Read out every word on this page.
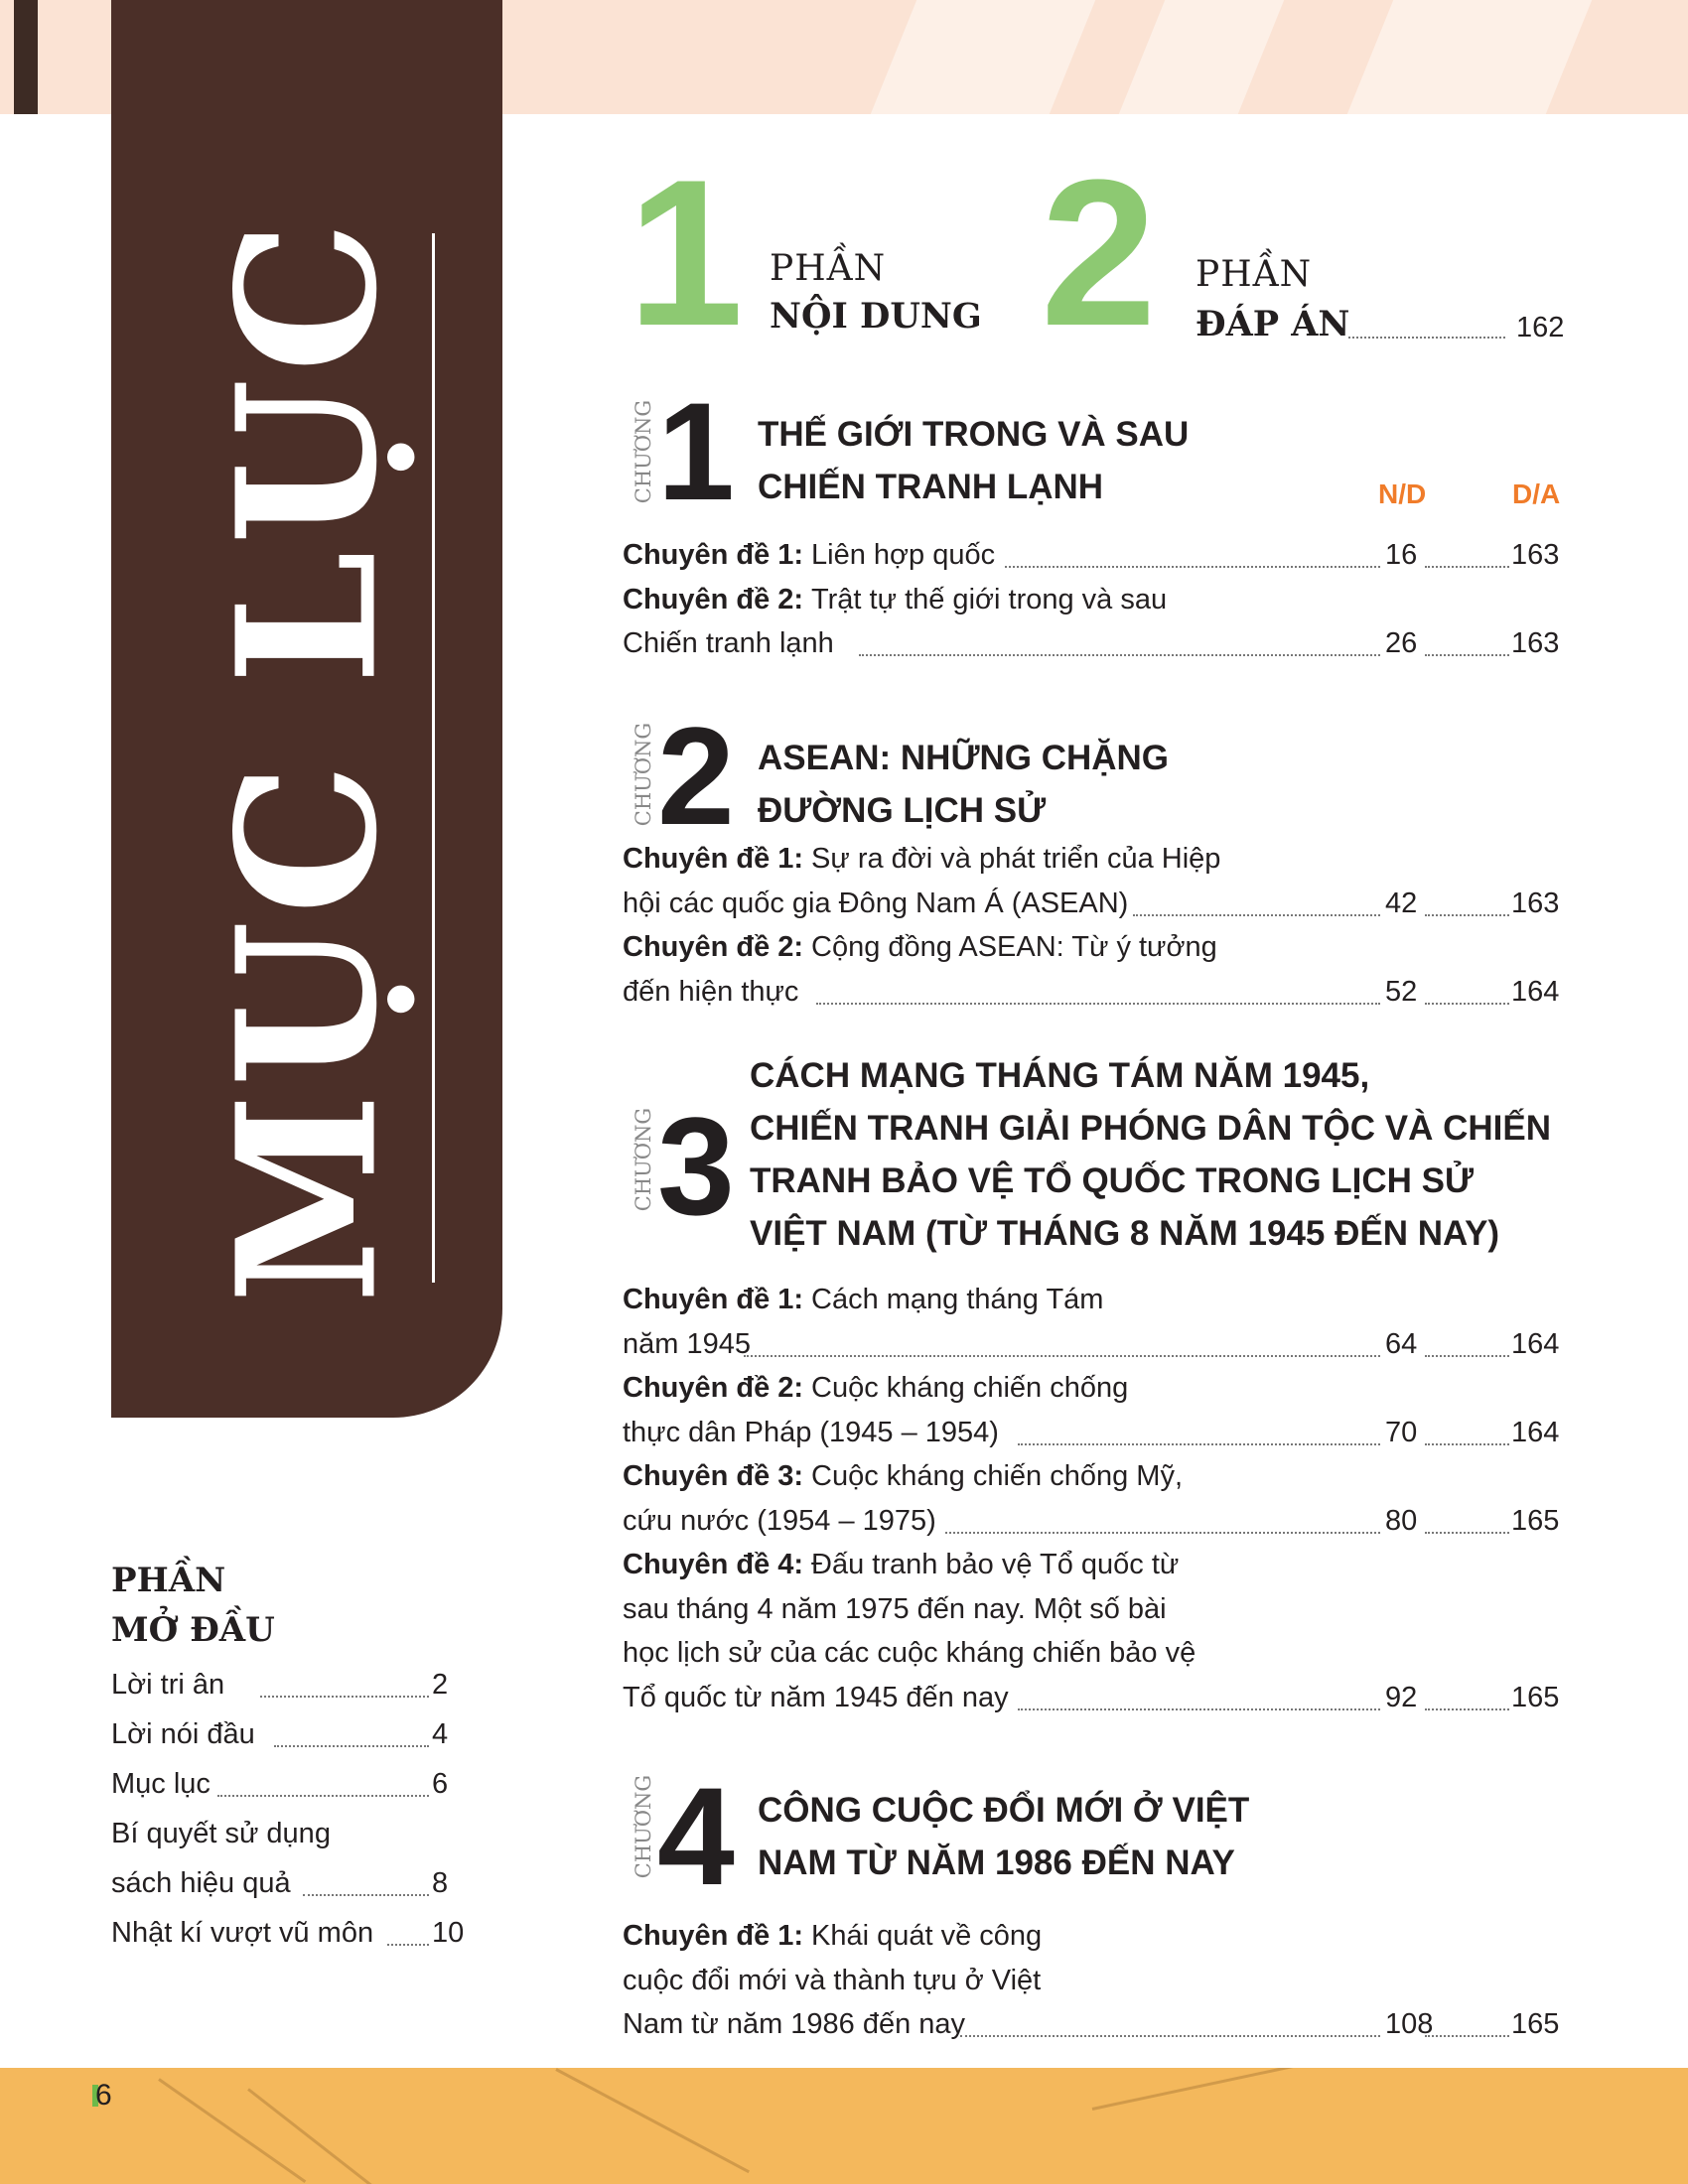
MỤC LỤC 1 PHẦN
NỘI DUNG 2 PHẦN
ĐÁP ÁN	162
N/D	D/A
CHƯƠNG 1 THẾ GIỚI TRONG VÀ SAU
CHIẾN TRANH LẠNH
Chuyên đề 1: Liên hợp quốc	16	163
Chuyên đề 2: Trật tự thế giới trong và sau
Chiến tranh lạnh	26	163
CHƯƠNG 2 ASEAN: NHỮNG CHẶNG
ĐƯỜNG LỊCH SỬ
Chuyên đề 1: Sự ra đời và phát triển của Hiệp
hội các quốc gia Đông Nam Á (ASEAN)	42	163
Chuyên đề 2: Cộng đồng ASEAN: Từ ý tưởng
đến hiện thực	52	164
CHƯƠNG 3
CÁCH MẠNG THÁNG TÁM NĂM 1945,
CHIẾN TRANH GIẢI PHÓNG DÂN TỘC VÀ CHIẾN
TRANH BẢO VỆ TỔ QUỐC TRONG LỊCH SỬ
VIỆT NAM (TỪ THÁNG 8 NĂM 1945 ĐẾN NAY)
Chuyên đề 1: Cách mạng tháng Tám
năm 1945	64	164
Chuyên đề 2: Cuộc kháng chiến chống
thực dân Pháp (1945 – 1954)	70	164
Chuyên đề 3: Cuộc kháng chiến chống Mỹ,
cứu nước (1954 – 1975)	80	165
Chuyên đề 4: Đấu tranh bảo vệ Tổ quốc từ
sau tháng 4 năm 1975 đến nay. Một số bài
học lịch sử của các cuộc kháng chiến bảo vệ
Tổ quốc từ năm 1945 đến nay	92	165
CHƯƠNG 4 CÔNG CUỘC ĐỔI MỚI Ở VIỆT
NAM TỪ NĂM 1986 ĐẾN NAY
Chuyên đề 1: Khái quát về công
cuộc đổi mới và thành tựu ở Việt
Nam từ năm 1986 đến nay	108	165
PHẦN
MỞ ĐẦU
Lời tri ân	2
Lời nói đầu	4
Mục lục	6
Bí quyết sử dụng
sách hiệu quả	8
Nhật kí vượt vũ môn 10
6
